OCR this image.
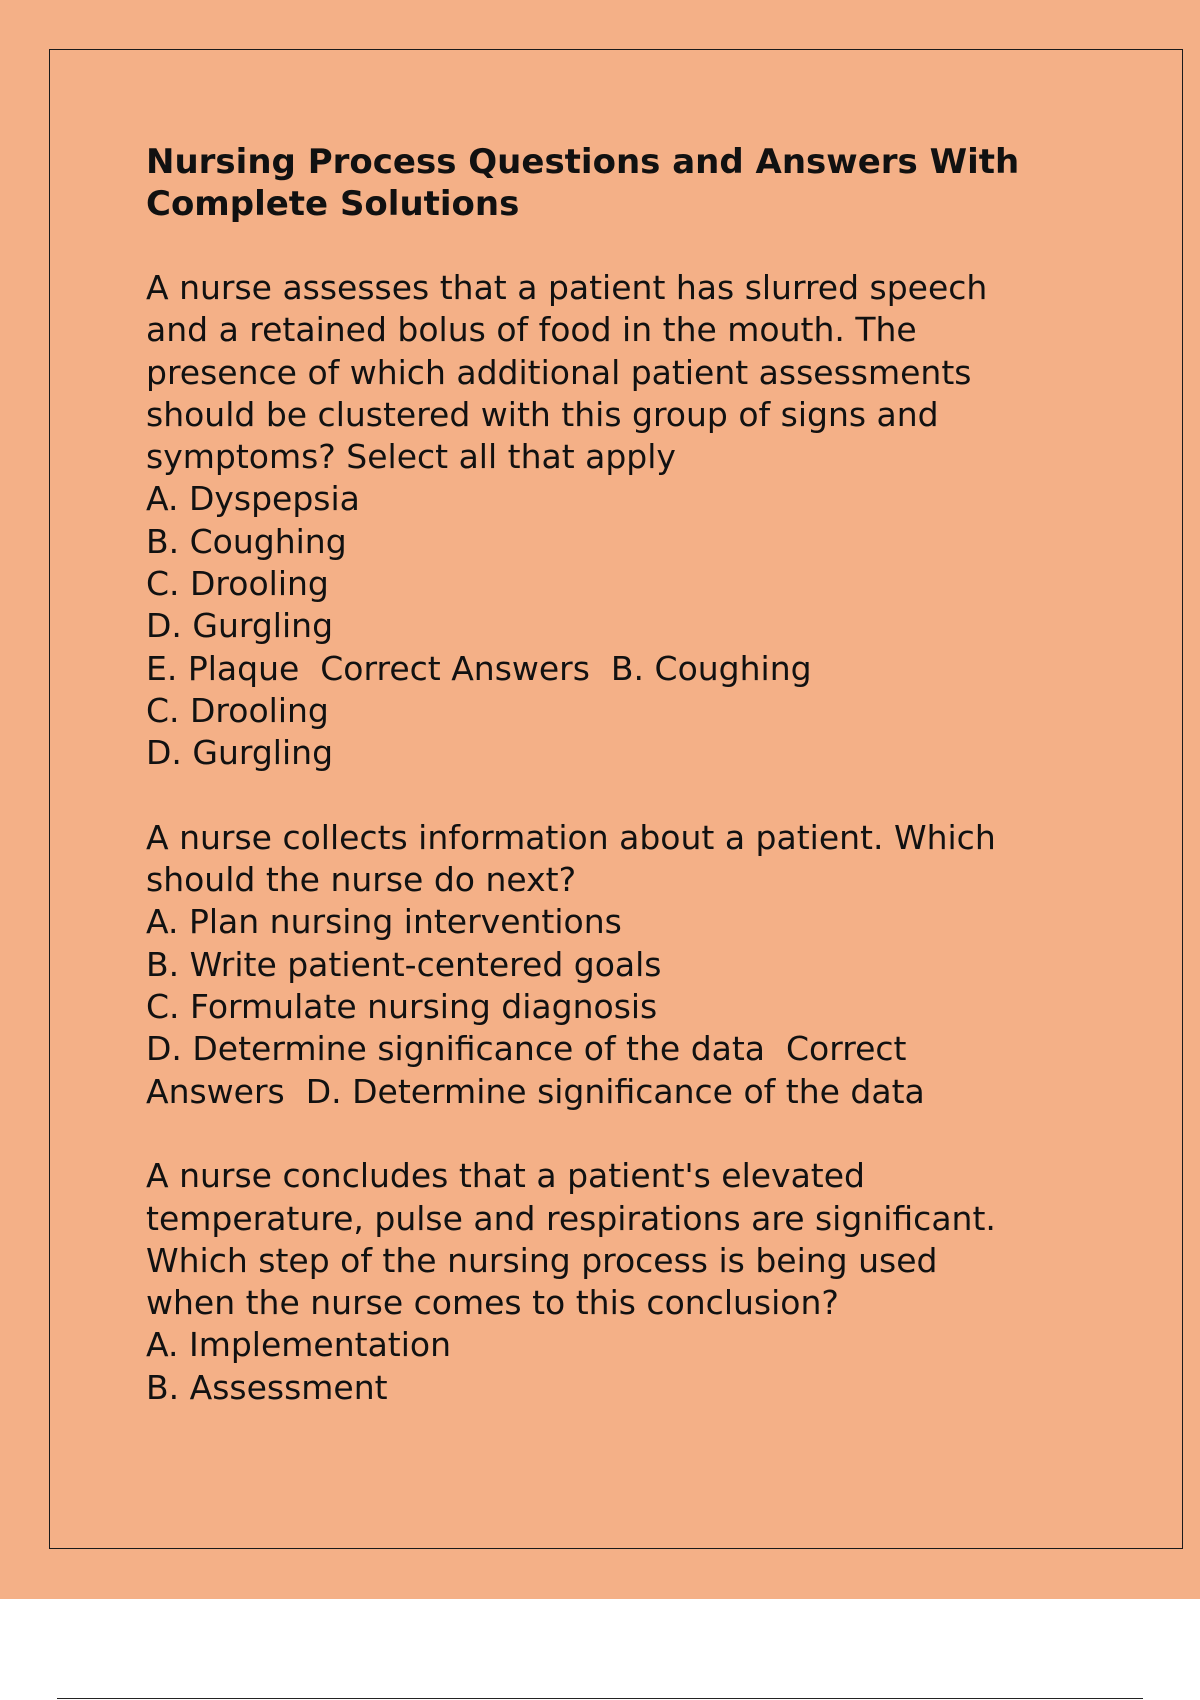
Nursing Process Questions and Answers With
Complete Solutions
A nurse assesses that a patient has slurred speech
and a retained bolus of food in the mouth. The
presence of which additional patient assessments
should be clustered with this group of signs and
symptoms? Select all that apply
A. Dyspepsia
B. Coughing
C. Drooling
D. Gurgling
E. Plaque  Correct Answers  B. Coughing
C. Drooling
D. Gurgling
A nurse collects information about a patient. Which
should the nurse do next?
A. Plan nursing interventions
B. Write patient-centered goals
C. Formulate nursing diagnosis
D. Determine significance of the data  Correct
Answers  D. Determine significance of the data
A nurse concludes that a patient's elevated
temperature, pulse and respirations are significant.
Which step of the nursing process is being used
when the nurse comes to this conclusion?
A. Implementation
B. Assessment
